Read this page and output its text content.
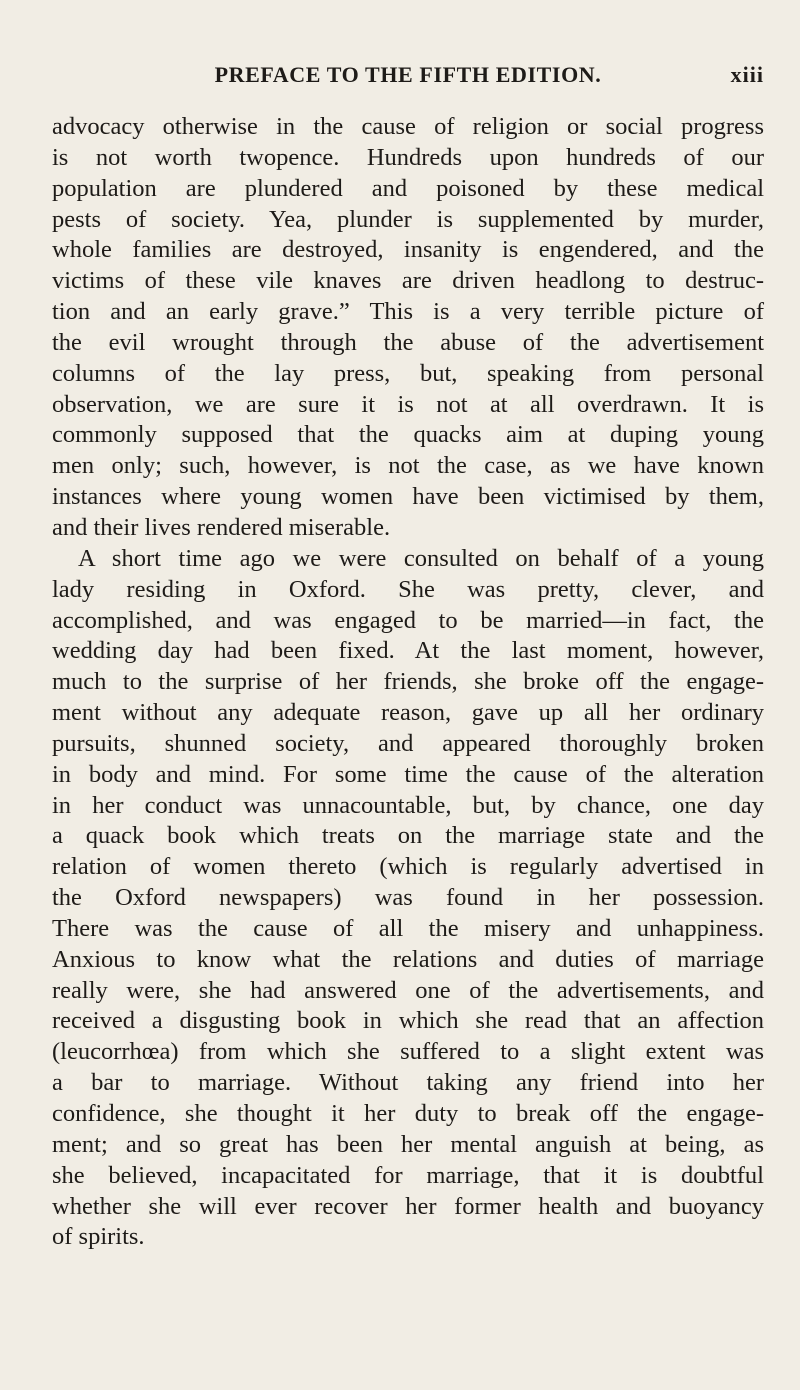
PREFACE TO THE FIFTH EDITION.	xiii
advocacy otherwise in the cause of religion or social progress
is not worth twopence. Hundreds upon hundreds of our
population are plundered and poisoned by these medical
pests of society. Yea, plunder is supplemented by murder,
whole families are destroyed, insanity is engendered, and the
victims of these vile knaves are driven headlong to destruc-
tion and an early grave.” This is a very terrible picture of
the evil wrought through the abuse of the advertisement
columns of the lay press, but, speaking from personal
observation, we are sure it is not at all overdrawn. It is
commonly supposed that the quacks aim at duping young
men only; such, however, is not the case, as we have known
instances where young women have been victimised by them,
and their lives rendered miserable.
A short time ago we were consulted on behalf of a young
lady residing in Oxford. She was pretty, clever, and
accomplished, and was engaged to be married—in fact, the
wedding day had been fixed. At the last moment, however,
much to the surprise of her friends, she broke off the engage-
ment without any adequate reason, gave up all her ordinary
pursuits, shunned society, and appeared thoroughly broken
in body and mind. For some time the cause of the alteration
in her conduct was unnacountable, but, by chance, one day
a quack book which treats on the marriage state and the
relation of women thereto (which is regularly advertised in
the Oxford newspapers) was found in her possession.
There was the cause of all the misery and unhappiness.
Anxious to know what the relations and duties of marriage
really were, she had answered one of the advertisements, and
received a disgusting book in which she read that an affection
(leucorrhœa) from which she suffered to a slight extent was
a bar to marriage. Without taking any friend into her
confidence, she thought it her duty to break off the engage-
ment; and so great has been her mental anguish at being, as
she believed, incapacitated for marriage, that it is doubtful
whether she will ever recover her former health and buoyancy
of spirits.
